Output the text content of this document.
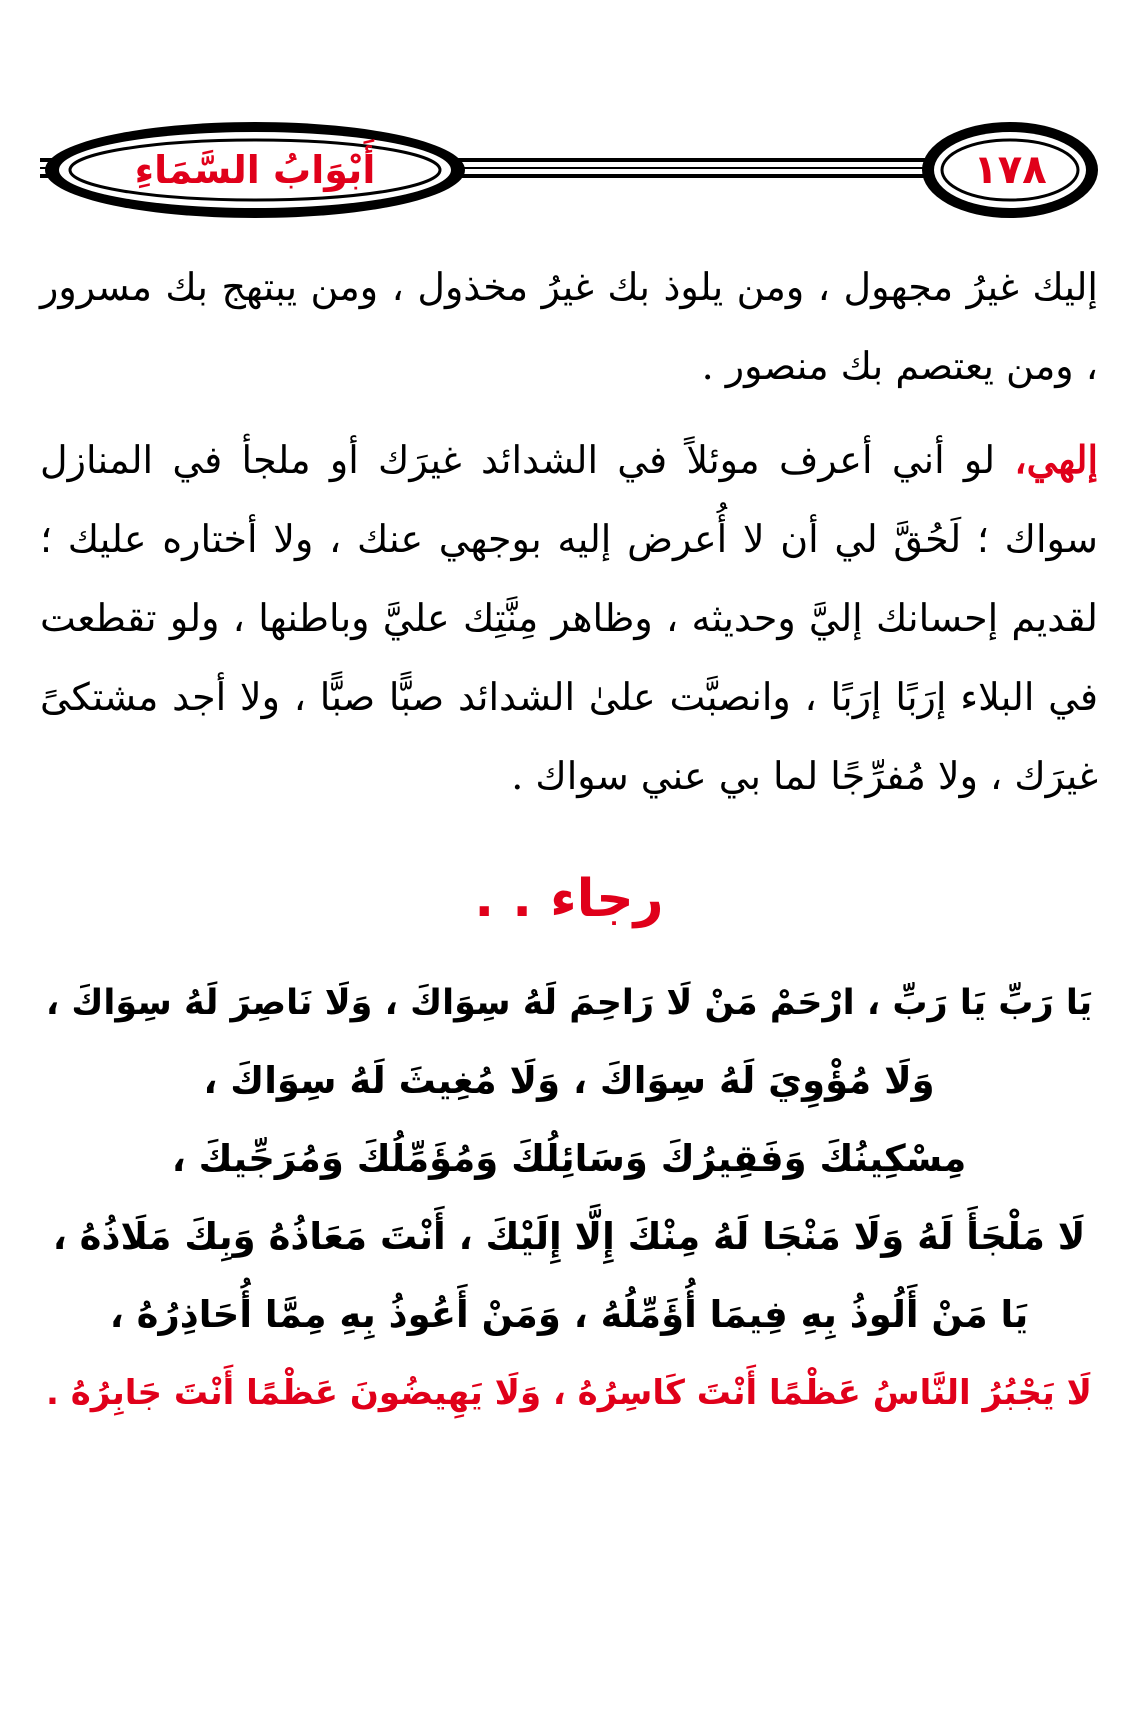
١٧٨
أَبْوَابُ السَّمَاءِ

إليك غيرُ مجهول ، ومن يلوذ بك غيرُ مخذول ، ومن يبتهج بك مسرور ، ومن يعتصم بك منصور .

إلهي، لو أني أعرف موئلاً في الشدائد غيرَك أو ملجأ في المنازل سواك ؛ لَحُقَّ لي أن لا أُعرض إليه بوجهي عنك ، ولا أختاره عليك ؛ لقديم إحسانك إليَّ وحديثه ، وظاهر مِنَّتِك عليَّ وباطنها ، ولو تقطعت في البلاء إرَبًا إرَبًا ، وانصبَّت علىٰ الشدائد صبًّا صبًّا ، ولا أجد مشتكىً غيرَك ، ولا مُفرِّجًا لما بي عني سواك .

رجاء . .

يَا رَبِّ يَا رَبِّ ، ارْحَمْ مَنْ لَا رَاحِمَ لَهُ سِوَاكَ ، وَلَا نَاصِرَ لَهُ سِوَاكَ ،

وَلَا مُؤْوِيَ لَهُ سِوَاكَ ، وَلَا مُغِيثَ لَهُ سِوَاكَ ،

مِسْكِينُكَ وَفَقِيرُكَ وَسَائِلُكَ وَمُؤَمِّلُكَ وَمُرَجِّيكَ ،

لَا مَلْجَأَ لَهُ وَلَا مَنْجَا لَهُ مِنْكَ إِلَّا إِلَيْكَ ، أَنْتَ مَعَاذُهُ وَبِكَ مَلَاذُهُ ،

يَا مَنْ أَلُوذُ بِهِ فِيمَا أُؤَمِّلُهُ ، وَمَنْ أَعُوذُ بِهِ مِمَّا أُحَاذِرُهُ ،

لَا يَجْبُرُ النَّاسُ عَظْمًا أَنْتَ كَاسِرُهُ ، وَلَا يَهِيضُونَ عَظْمًا أَنْتَ جَابِرُهُ .
